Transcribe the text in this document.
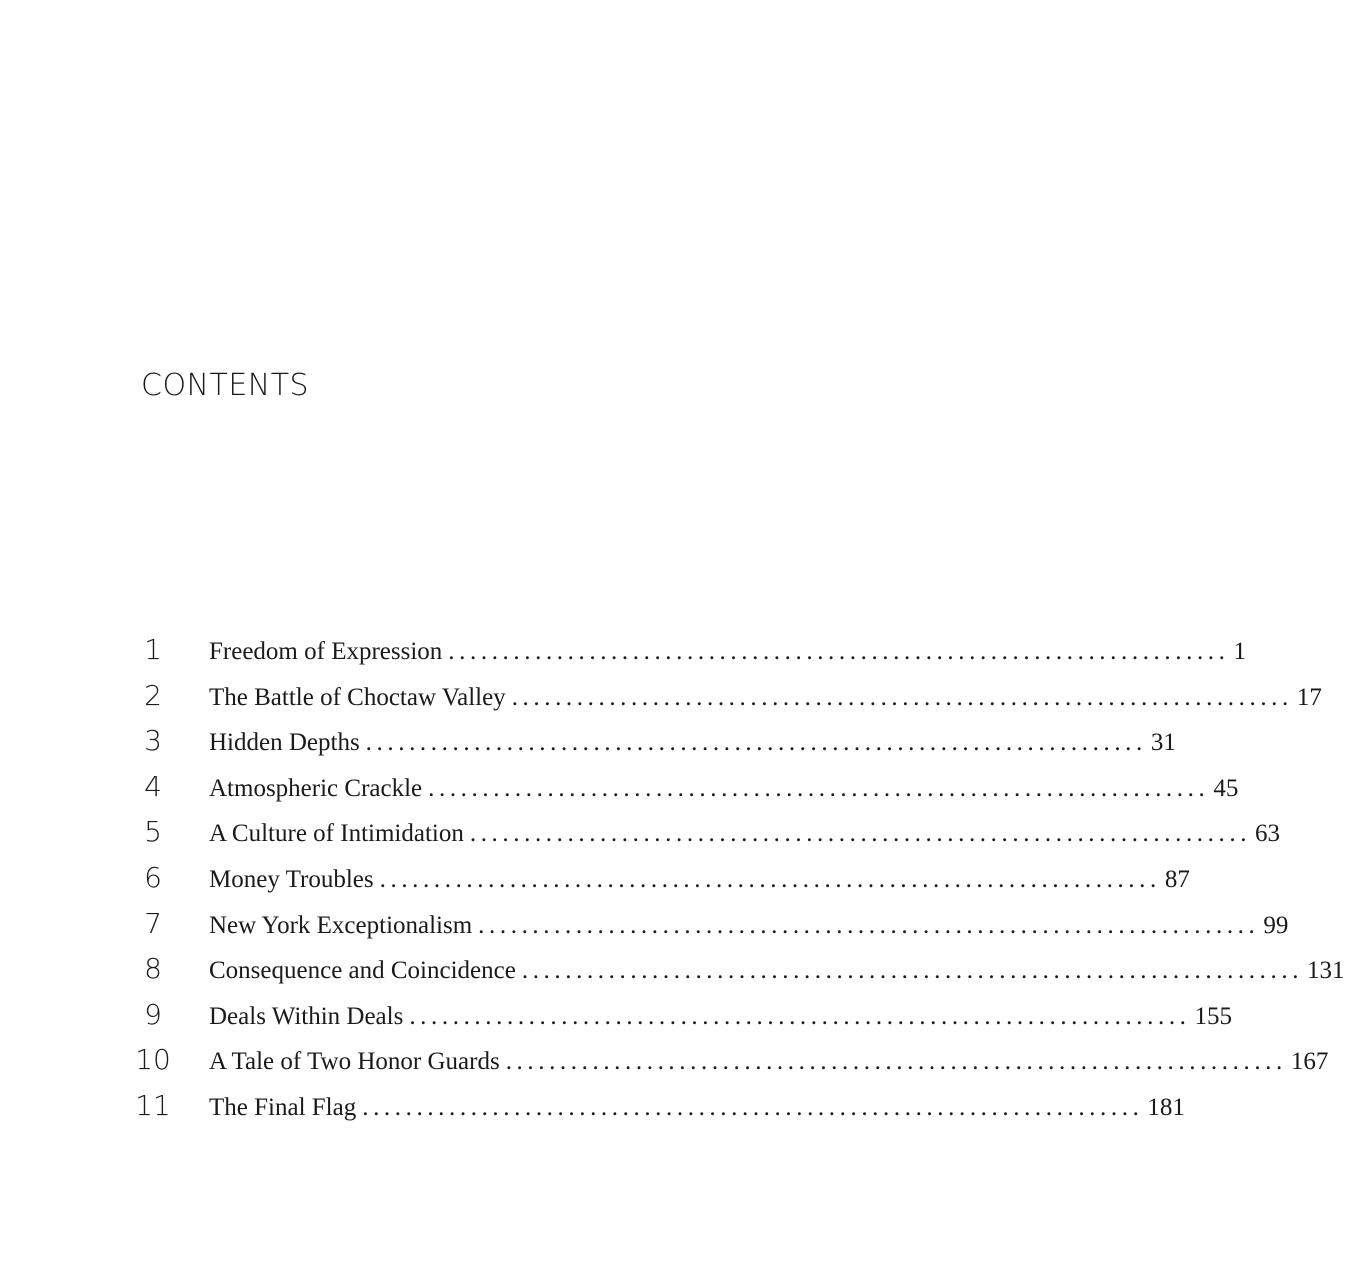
CONTENTS
1	Freedom of Expression ........................................................................ 1
2	The Battle of Choctaw Valley ........................................................................ 17
3	Hidden Depths ........................................................................ 31
4	Atmospheric Crackle ........................................................................ 45
5	A Culture of Intimidation ........................................................................ 63
6	Money Troubles ........................................................................ 87
7	New York Exceptionalism ........................................................................ 99
8	Consequence and Coincidence ........................................................................ 131
9	Deals Within Deals ........................................................................ 155
10 A Tale of Two Honor Guards ........................................................................ 167
11 The Final Flag ........................................................................ 181
